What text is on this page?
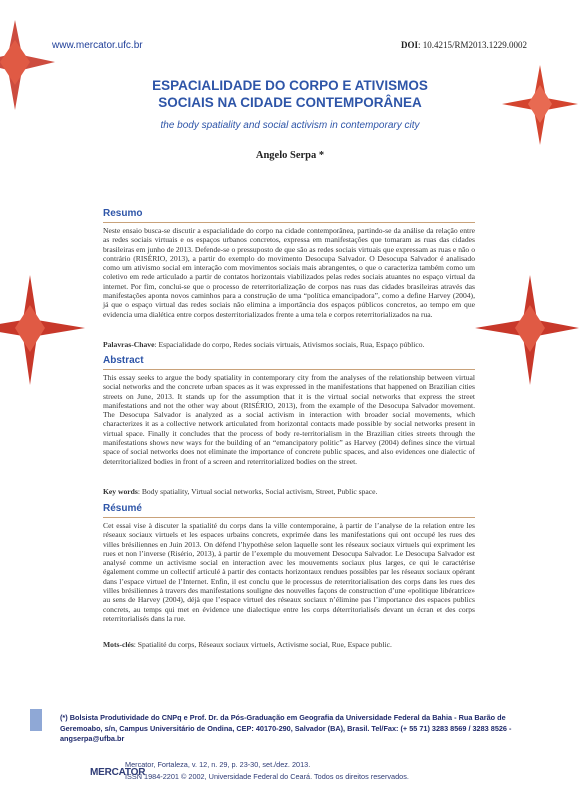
www.mercator.ufc.br	DOI: 10.4215/RM2013.1229.0002
ESPACIALIDADE DO CORPO E ATIVISMOS
SOCIAIS NA CIDADE CONTEMPORÂNEA
the body spatiality and social activism in contemporary city
Angelo Serpa *
Resumo
Neste ensaio busca-se discutir a espacialidade do corpo na cidade contemporânea, partindo-se da análise da relação entre as redes sociais virtuais e os espaços urbanos concretos, expressa em manifestações que tomaram as ruas das cidades brasileiras em junho de 2013. Defende-se o pressuposto de que são as redes sociais virtuais que expressam as ruas e não o contrário (RISÉRIO, 2013), a partir do exemplo do movimento Desocupa Salvador. O Desocupa Salvador é analisado como um ativismo social em interação com movimentos sociais mais abrangentes, o que o caracteriza também como um coletivo em rede articulado a partir de contatos horizontais viabilizados pelas redes sociais atuantes no espaço virtual da internet. Por fim, conclui-se que o processo de reterritorialização de corpos nas ruas das cidades brasileiras através das manifestações aponta novos caminhos para a construção de uma “política emancipadora”, como a define Harvey (2004), já que o espaço virtual das redes sociais não elimina a importância dos espaços públicos concretos, ao tempo em que evidencia uma dialética entre corpos desterritorializados frente a uma tela e corpos reterritorializados na rua.
Palavras-Chave: Espacialidade do corpo, Redes sociais virtuais, Ativismos sociais, Rua, Espaço público.
Abstract
This essay seeks to argue the body spatiality in contemporary city from the analyses of the relationship between virtual social networks and the concrete urban spaces as it was expressed in the manifestations that happened on Brazilian cities streets on June, 2013. It stands up for the assumption that it is the virtual social networks that express the street manifestations and not the other way about (RISÉRIO, 2013), from the example of the Desocupa Salvador movement. The Desocupa Salvador is analyzed as a social activism in interaction with broader social movements, which characterizes it as a collective network articulated from horizontal contacts made possible by social networks present in virtual space. Finally it concludes that the process of body re-territorialism in the Brazilian cities streets through the manifestations shows new ways for the building of an “emancipatory politic” as Harvey (2004) defines since the virtual space of social networks does not eliminate the importance of concrete public spaces, and also evidences one dialectic of deterritorialized bodies in front of a screen and reterritorialized bodies on the street.
Key words: Body spatiality, Virtual social networks, Social activism, Street, Public space.
Résumé
Cet essai vise à discuter la spatialité du corps dans la ville contemporaine, à partir de l’analyse de la relation entre les réseaux sociaux virtuels et les espaces urbains concrets, exprimée dans les manifestations qui ont occupé les rues des villes brésiliennes en Juin 2013. On défend l’hypothèse selon laquelle sont les réseaux sociaux virtuels qui expriment les rues et non l’inverse (Risério, 2013), à partir de l’exemple du mouvement Desocupa Salvador. Le Desocupa Salvador est analysé comme un activisme social en interaction avec les mouvements sociaux plus larges, ce qui le caractérise également comme un collectif articulé à partir des contacts horizontaux rendues possibles par les réseaux sociaux opérant dans l’espace virtuel de l’Internet. Enfin, il est conclu que le processus de reterritorialisation des corps dans les rues des villes brésiliennes à travers des manifestations souligne des nouvelles façons de construction d’une «politique libératrice» au sens de Harvey (2004), déjà que l’espace virtuel des réseaux sociaux n’élimine pas l’importance des espaces publics concrets, au temps qui met en évidence une dialectique entre les corps déterritorialisés devant un écran et des corps reterritorialisés dans la rue.
Mots-clés: Spatialité du corps, Réseaux sociaux virtuels, Activisme social, Rue, Espace public.
(*) Bolsista Produtividade do CNPq e Prof. Dr. da Pós-Graduação em Geografia da Universidade Federal da Bahia - Rua Barão de Geremoabo, s/n, Campus Universitário de Ondina, CEP: 40170-290, Salvador (BA), Brasil. Tel/Fax: (+ 55 71) 3283 8569 / 3283 8526 - angserpa@ufba.br
MERCATOR
Mercator, Fortaleza, v. 12, n. 29, p. 23-30, set./dez. 2013.
ISSN 1984-2201 © 2002, Universidade Federal do Ceará. Todos os direitos reservados.
